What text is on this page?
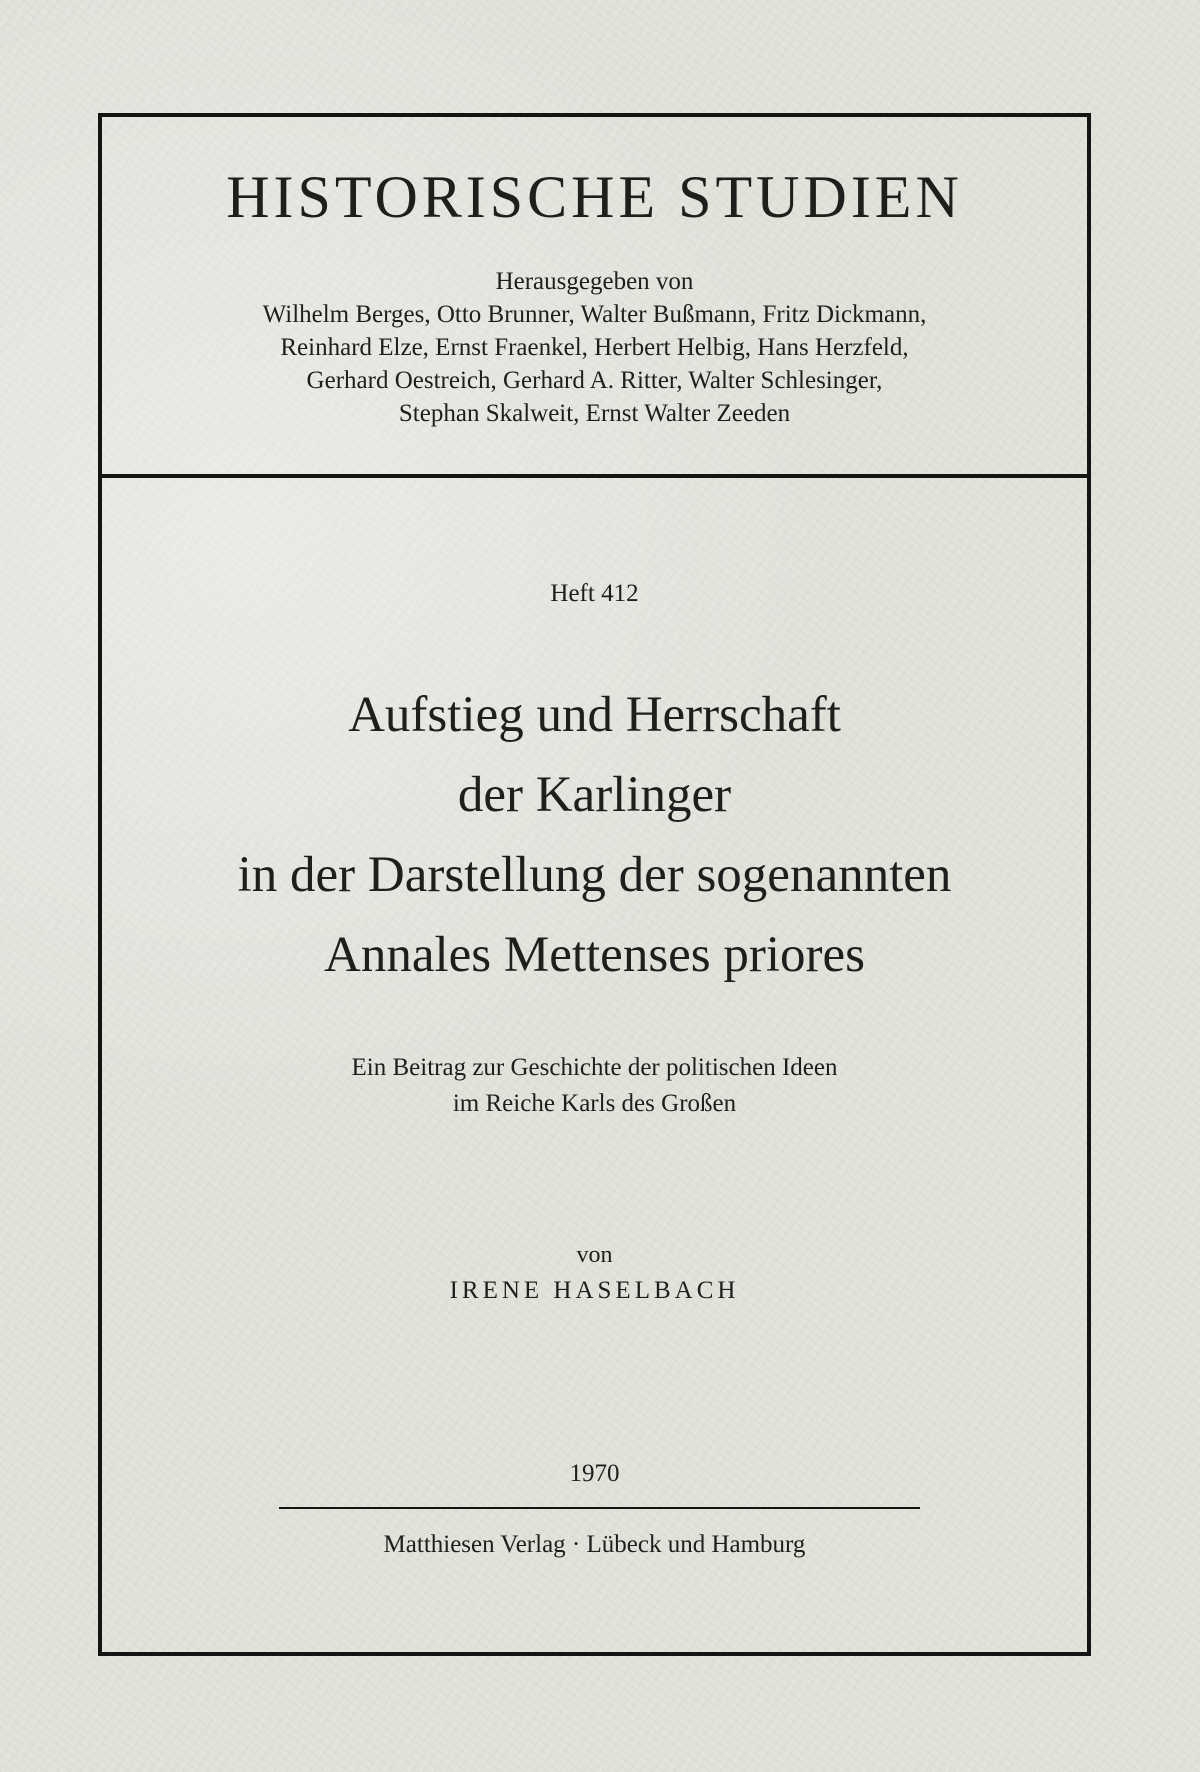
HISTORISCHE STUDIEN
Herausgegeben von
Wilhelm Berges, Otto Brunner, Walter Bußmann, Fritz Dickmann,
Reinhard Elze, Ernst Fraenkel, Herbert Helbig, Hans Herzfeld,
Gerhard Oestreich, Gerhard A. Ritter, Walter Schlesinger,
Stephan Skalweit, Ernst Walter Zeeden
Heft 412
Aufstieg und Herrschaft
der Karlinger
in der Darstellung der sogenannten
Annales Mettenses priores
Ein Beitrag zur Geschichte der politischen Ideen
im Reiche Karls des Großen
von
IRENE HASELBACH
1970
Matthiesen Verlag · Lübeck und Hamburg
